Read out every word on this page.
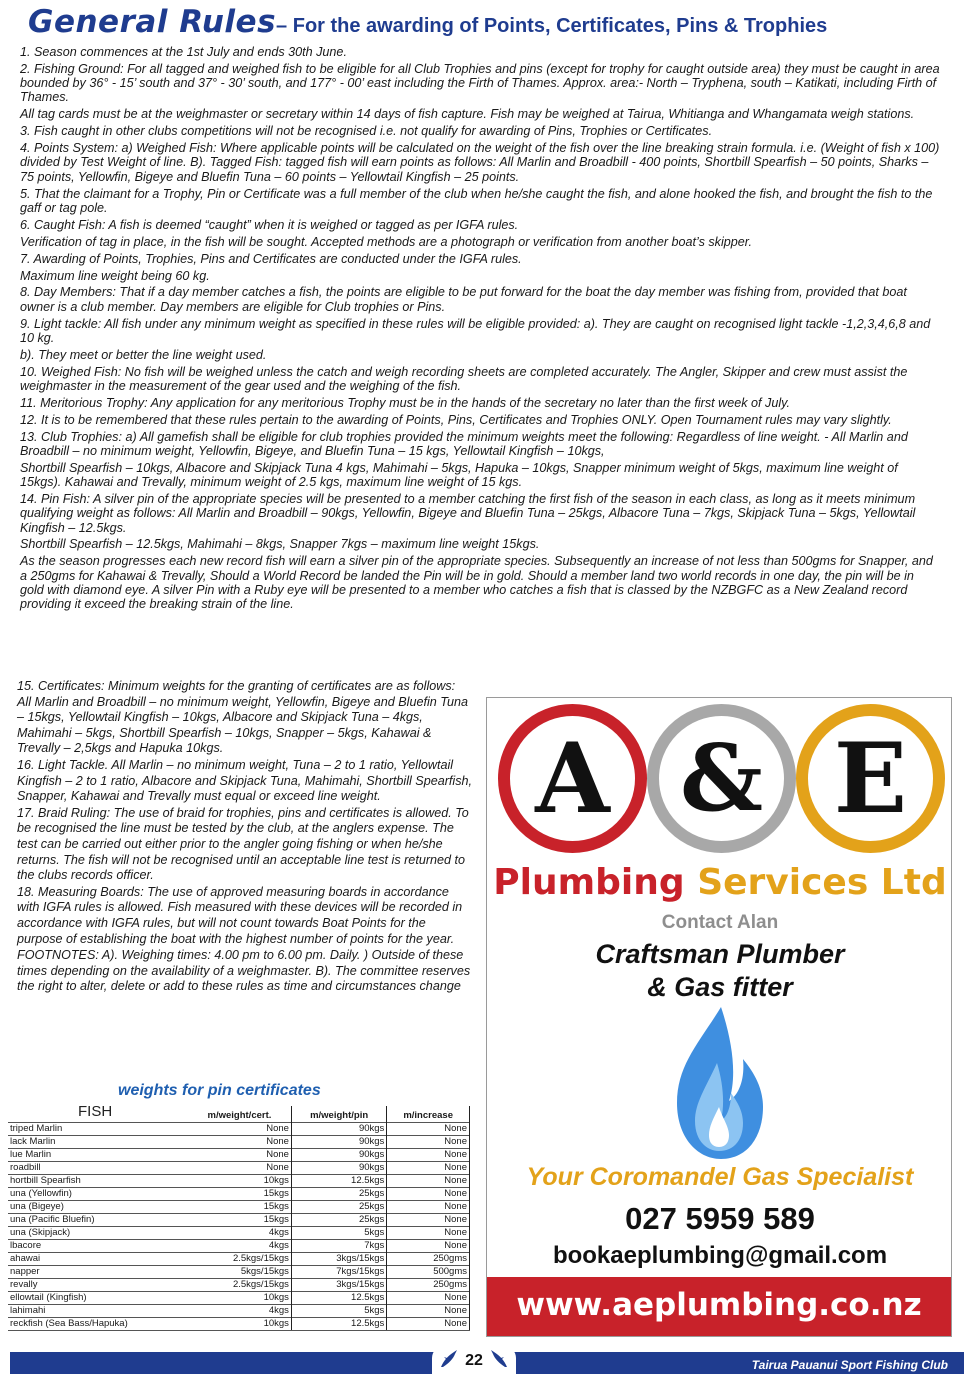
General Rules– For the awarding of Points, Certificates, Pins & Trophies

1. Season commences at the 1st July and ends 30th June.

2. Fishing Ground: For all tagged and weighed fish to be eligible for all Club Trophies and pins (except for trophy for caught outside area) they must be caught in area bounded by 36° - 15’ south and 37° - 30’ south, and 177° - 00’ east including the Firth of Thames. Approx. area:- North – Tryphena, south – Katikati, including Firth of Thames.

All tag cards must be at the weighmaster or secretary within 14 days of fish capture. Fish may be weighed at Tairua, Whitianga and Whangamata weigh stations.

3. Fish caught in other clubs competitions will not be recognised i.e. not qualify for awarding of Pins, Trophies or Certificates.

4. Points System: a) Weighed Fish: Where applicable points will be calculated on the weight of the fish over the line breaking strain formula. i.e. (Weight of fish x 100) divided by Test Weight of line. B). Tagged Fish: tagged fish will earn points as follows: All Marlin and Broadbill - 400 points, Shortbill Spearfish – 50 points, Sharks – 75 points, Yellowfin, Bigeye and Bluefin Tuna – 60 points – Yellowtail Kingfish – 25 points.

5. That the claimant for a Trophy, Pin or Certificate was a full member of the club when he/she caught the fish, and alone hooked the fish, and brought the fish to the gaff or tag pole.

6. Caught Fish: A fish is deemed “caught” when it is weighed or tagged as per IGFA rules.

Verification of tag in place, in the fish will be sought. Accepted methods are a photograph or verification from another boat’s skipper.

7. Awarding of Points, Trophies, Pins and Certificates are conducted under the IGFA rules.

Maximum line weight being 60 kg.

8. Day Members: That if a day member catches a fish, the points are eligible to be put forward for the boat the day member was fishing from, provided that boat owner is a club member. Day members are eligible for Club trophies or Pins.

9. Light tackle: All fish under any minimum weight as specified in these rules will be eligible provided: a). They are caught on recognised light tackle -1,2,3,4,6,8 and 10 kg.

b). They meet or better the line weight used.

10. Weighed Fish: No fish will be weighed unless the catch and weigh recording sheets are completed accurately. The Angler, Skipper and crew must assist the weighmaster in the measurement of the gear used and the weighing of the fish.

11. Meritorious Trophy: Any application for any meritorious Trophy must be in the hands of the secretary no later than the first week of July.

12. It is to be remembered that these rules pertain to the awarding of Points, Pins, Certificates and Trophies ONLY. Open Tournament rules may vary slightly.

13. Club Trophies: a) All gamefish shall be eligible for club trophies provided the minimum weights meet the following: Regardless of line weight. - All Marlin and Broadbill – no minimum weight, Yellowfin, Bigeye, and Bluefin Tuna – 15 kgs, Yellowtail Kingfish – 10kgs,

Shortbill Spearfish – 10kgs, Albacore and Skipjack Tuna 4 kgs, Mahimahi – 5kgs, Hapuka – 10kgs, Snapper minimum weight of 5kgs, maximum line weight of 15kgs). Kahawai and Trevally, minimum weight of 2.5 kgs, maximum line weight of 15 kgs.

14. Pin Fish: A silver pin of the appropriate species will be presented to a member catching the first fish of the season in each class, as long as it meets minimum qualifying weight as follows: All Marlin and Broadbill – 90kgs, Yellowfin, Bigeye and Bluefin Tuna – 25kgs, Albacore Tuna – 7kgs, Skipjack Tuna – 5kgs, Yellowtail Kingfish – 12.5kgs.

Shortbill Spearfish – 12.5kgs, Mahimahi – 8kgs, Snapper 7kgs – maximum line weight 15kgs.

As the season progresses each new record fish will earn a silver pin of the appropriate species. Subsequently an increase of not less than 500gms for Snapper, and a 250gms for Kahawai & Trevally, Should a World Record be landed the Pin will be in gold. Should a member land two world records in one day, the pin will be in gold with diamond eye. A silver Pin with a Ruby eye will be presented to a member who catches a fish that is classed by the NZBGFC as a New Zealand record providing it exceed the breaking strain of the line.

15. Certificates: Minimum weights for the granting of certificates are as follows: All Marlin and Broadbill – no minimum weight, Yellowfin, Bigeye and Bluefin Tuna – 15kgs, Yellowtail Kingfish – 10kgs, Albacore and Skipjack Tuna – 4kgs, Mahimahi – 5kgs, Shortbill Spearfish – 10kgs, Snapper – 5kgs, Kahawai & Trevally – 2,5kgs and Hapuka 10kgs.

16. Light Tackle. All Marlin – no minimum weight, Tuna – 2 to 1 ratio, Yellowtail Kingfish – 2 to 1 ratio, Albacore and Skipjack Tuna, Mahimahi, Shortbill Spearfish, Snapper, Kahawai and Trevally must equal or exceed line weight.

17. Braid Ruling: The use of braid for trophies, pins and certificates is allowed. To be recognised the line must be tested by the club, at the anglers expense. The test can be carried out either prior to the angler going fishing or when he/she returns. The fish will not be recognised until an acceptable line test is returned to the clubs records officer.

18. Measuring Boards: The use of approved measuring boards in accordance with IGFA rules is allowed. Fish measured with these devices will be recorded in accordance with IGFA rules, but will not count towards Boat Points for the purpose of establishing the boat with the highest number of points for the year.

FOOTNOTES: A). Weighing times: 4.00 pm to 6.00 pm. Daily. ) Outside of these times depending on the availability of a weighmaster. B). The committee reserves the right to alter, delete or add to these rules as time and circumstances change

weights for pin certificates
FISH
		m/weight/cert.	m/weight/pin	m/increase
triped Marlin	None	90kgs	None
lack Marlin	None	90kgs	None
lue Marlin	None	90kgs	None
roadbill	None	90kgs	None
hortbill Spearfish	10kgs	12.5kgs	None
una (Yellowfin)	15kgs	25kgs	None
una (Bigeye)	15kgs	25kgs	None
una (Pacific Bluefin)	15kgs	25kgs	None
una (Skipjack)	4kgs	5kgs	None
lbacore	4kgs	7kgs	None
ahawai	2.5kgs/15kgs	3kgs/15kgs	250gms
napper	5kgs/15kgs	7kgs/15kgs	500gms
revally	2.5kgs/15kgs	3kgs/15kgs	250gms
ellowtail (Kingfish)	10kgs	12.5kgs	None
lahimahi	4kgs	5kgs	None
reckfish (Sea Bass/Hapuka)	10kgs	12.5kgs	None
A & E
Plumbing Services Ltd
Contact Alan
Craftsman Plumber
& Gas fitter
Your Coromandel Gas Specialist
027 5959 589
bookaeplumbing@gmail.com
www.aeplumbing.co.nz
Tairua Pauanui Sport Fishing Club
22
